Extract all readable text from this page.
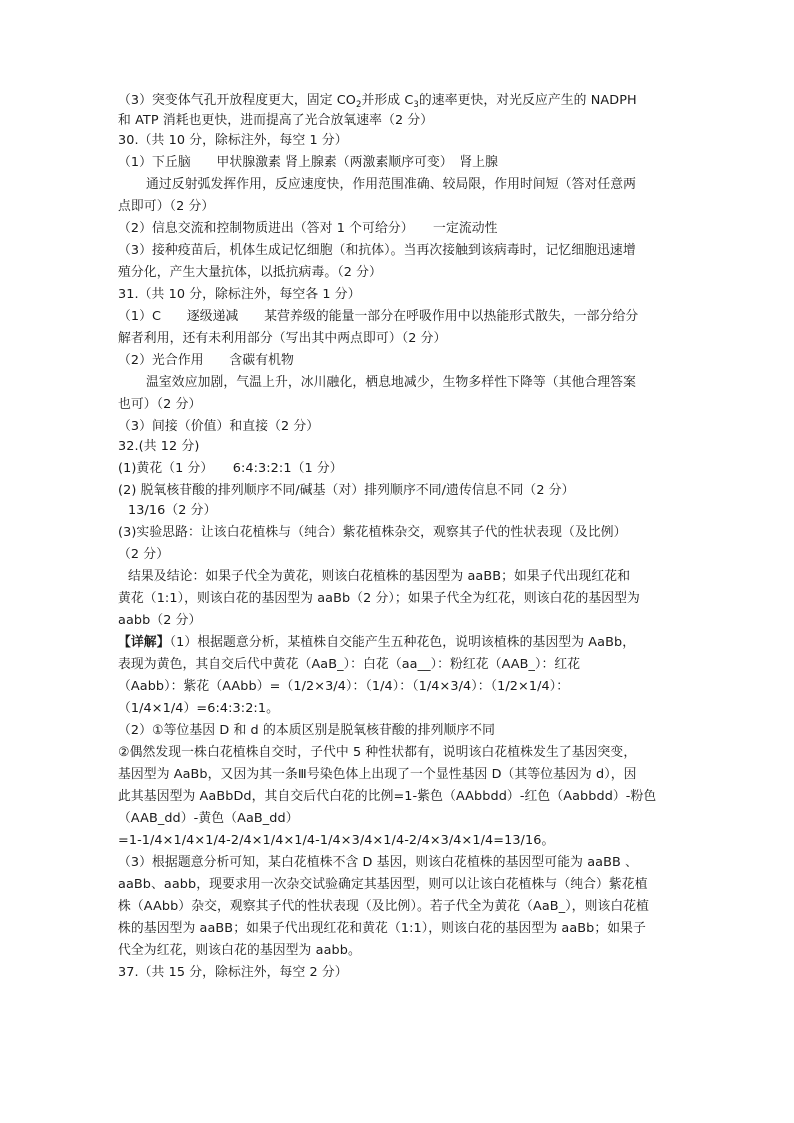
（3）突变体气孔开放程度更大，固定 $CO_2$并形成 $C_3$的速率更快，对光反应产生的 NADPH
和 ATP 消耗也更快，进而提高了光合放氧速率（2 分）
30.（共 10 分，除标注外，每空 1 分）
（1）下丘脑　　甲状腺激素 肾上腺素（两激素顺序可变）　肾上腺
通过反射弧发挥作用，反应速度快，作用范围准确、较局限，作用时间短（答对任意两
点即可）（2 分）
（2）信息交流和控制物质进出（答对 1 个可给分）　　一定流动性
（3）接种疫苗后，机体生成记忆细胞（和抗体）。当再次接触到该病毒时，记忆细胞迅速增
殖分化，产生大量抗体，以抵抗病毒。（2 分）
31.（共 10 分，除标注外，每空各 1 分）
（1）C　　逐级递减　　某营养级的能量一部分在呼吸作用中以热能形式散失，一部分给分
解者利用，还有未利用部分（写出其中两点即可）（2 分）
（2）光合作用　　含碳有机物
温室效应加剧，气温上升，冰川融化，栖息地减少，生物多样性下降等（其他合理答案
也可）（2 分）
（3）间接（价值）和直接（2 分）
32.(共 12 分)
(1)黄花（1 分）　　6:4:3:2:1（1 分）
(2) 脱氧核苷酸的排列顺序不同/碱基（对）排列顺序不同/遗传信息不同（2 分）
13/16（2 分）
(3)实验思路：让该白花植株与（纯合）紫花植株杂交，观察其子代的性状表现（及比例）
（2 分）
结果及结论：如果子代全为黄花，则该白花植株的基因型为 aaBB；如果子代出现红花和
黄花（1:1），则该白花的基因型为 aaBb（2 分）；如果子代全为红花，则该白花的基因型为
aabb（2 分）
【详解】（1）根据题意分析，某植株自交能产生五种花色，说明该植株的基因型为 AaBb，
表现为黄色，其自交后代中黄花（AaB_）：白花（aa__）：粉红花（AAB_）：红花
（Aabb）：紫花（AAbb）=（1/2×3/4）：（1/4）：（1/4×3/4）：（1/2×1/4）：
（1/4×1/4）=6:4:3:2:1。
（2）①等位基因 D 和 d 的本质区别是脱氧核苷酸的排列顺序不同
②偶然发现一株白花植株自交时，子代中 5 种性状都有，说明该白花植株发生了基因突变，
基因型为 AaBb，又因为其一条Ⅲ号染色体上出现了一个显性基因 D（其等位基因为 d），因
此其基因型为 AaBbDd，其自交后代白花的比例=1-紫色（AAbbdd）-红色（Aabbdd）-粉色
（AAB_dd）-黄色（AaB_dd）
=1-1/4×1/4×1/4-2/4×1/4×1/4-1/4×3/4×1/4-2/4×3/4×1/4=13/16。
（3）根据题意分析可知，某白花植株不含 D 基因，则该白花植株的基因型可能为 aaBB 、
aaBb、aabb，现要求用一次杂交试验确定其基因型，则可以让该白花植株与（纯合）紫花植
株（AAbb）杂交，观察其子代的性状表现（及比例）。若子代全为黄花（AaB_），则该白花植
株的基因型为 aaBB；如果子代出现红花和黄花（1:1），则该白花的基因型为 aaBb；如果子
代全为红花，则该白花的基因型为 aabb。
37.（共 15 分，除标注外，每空 2 分）
